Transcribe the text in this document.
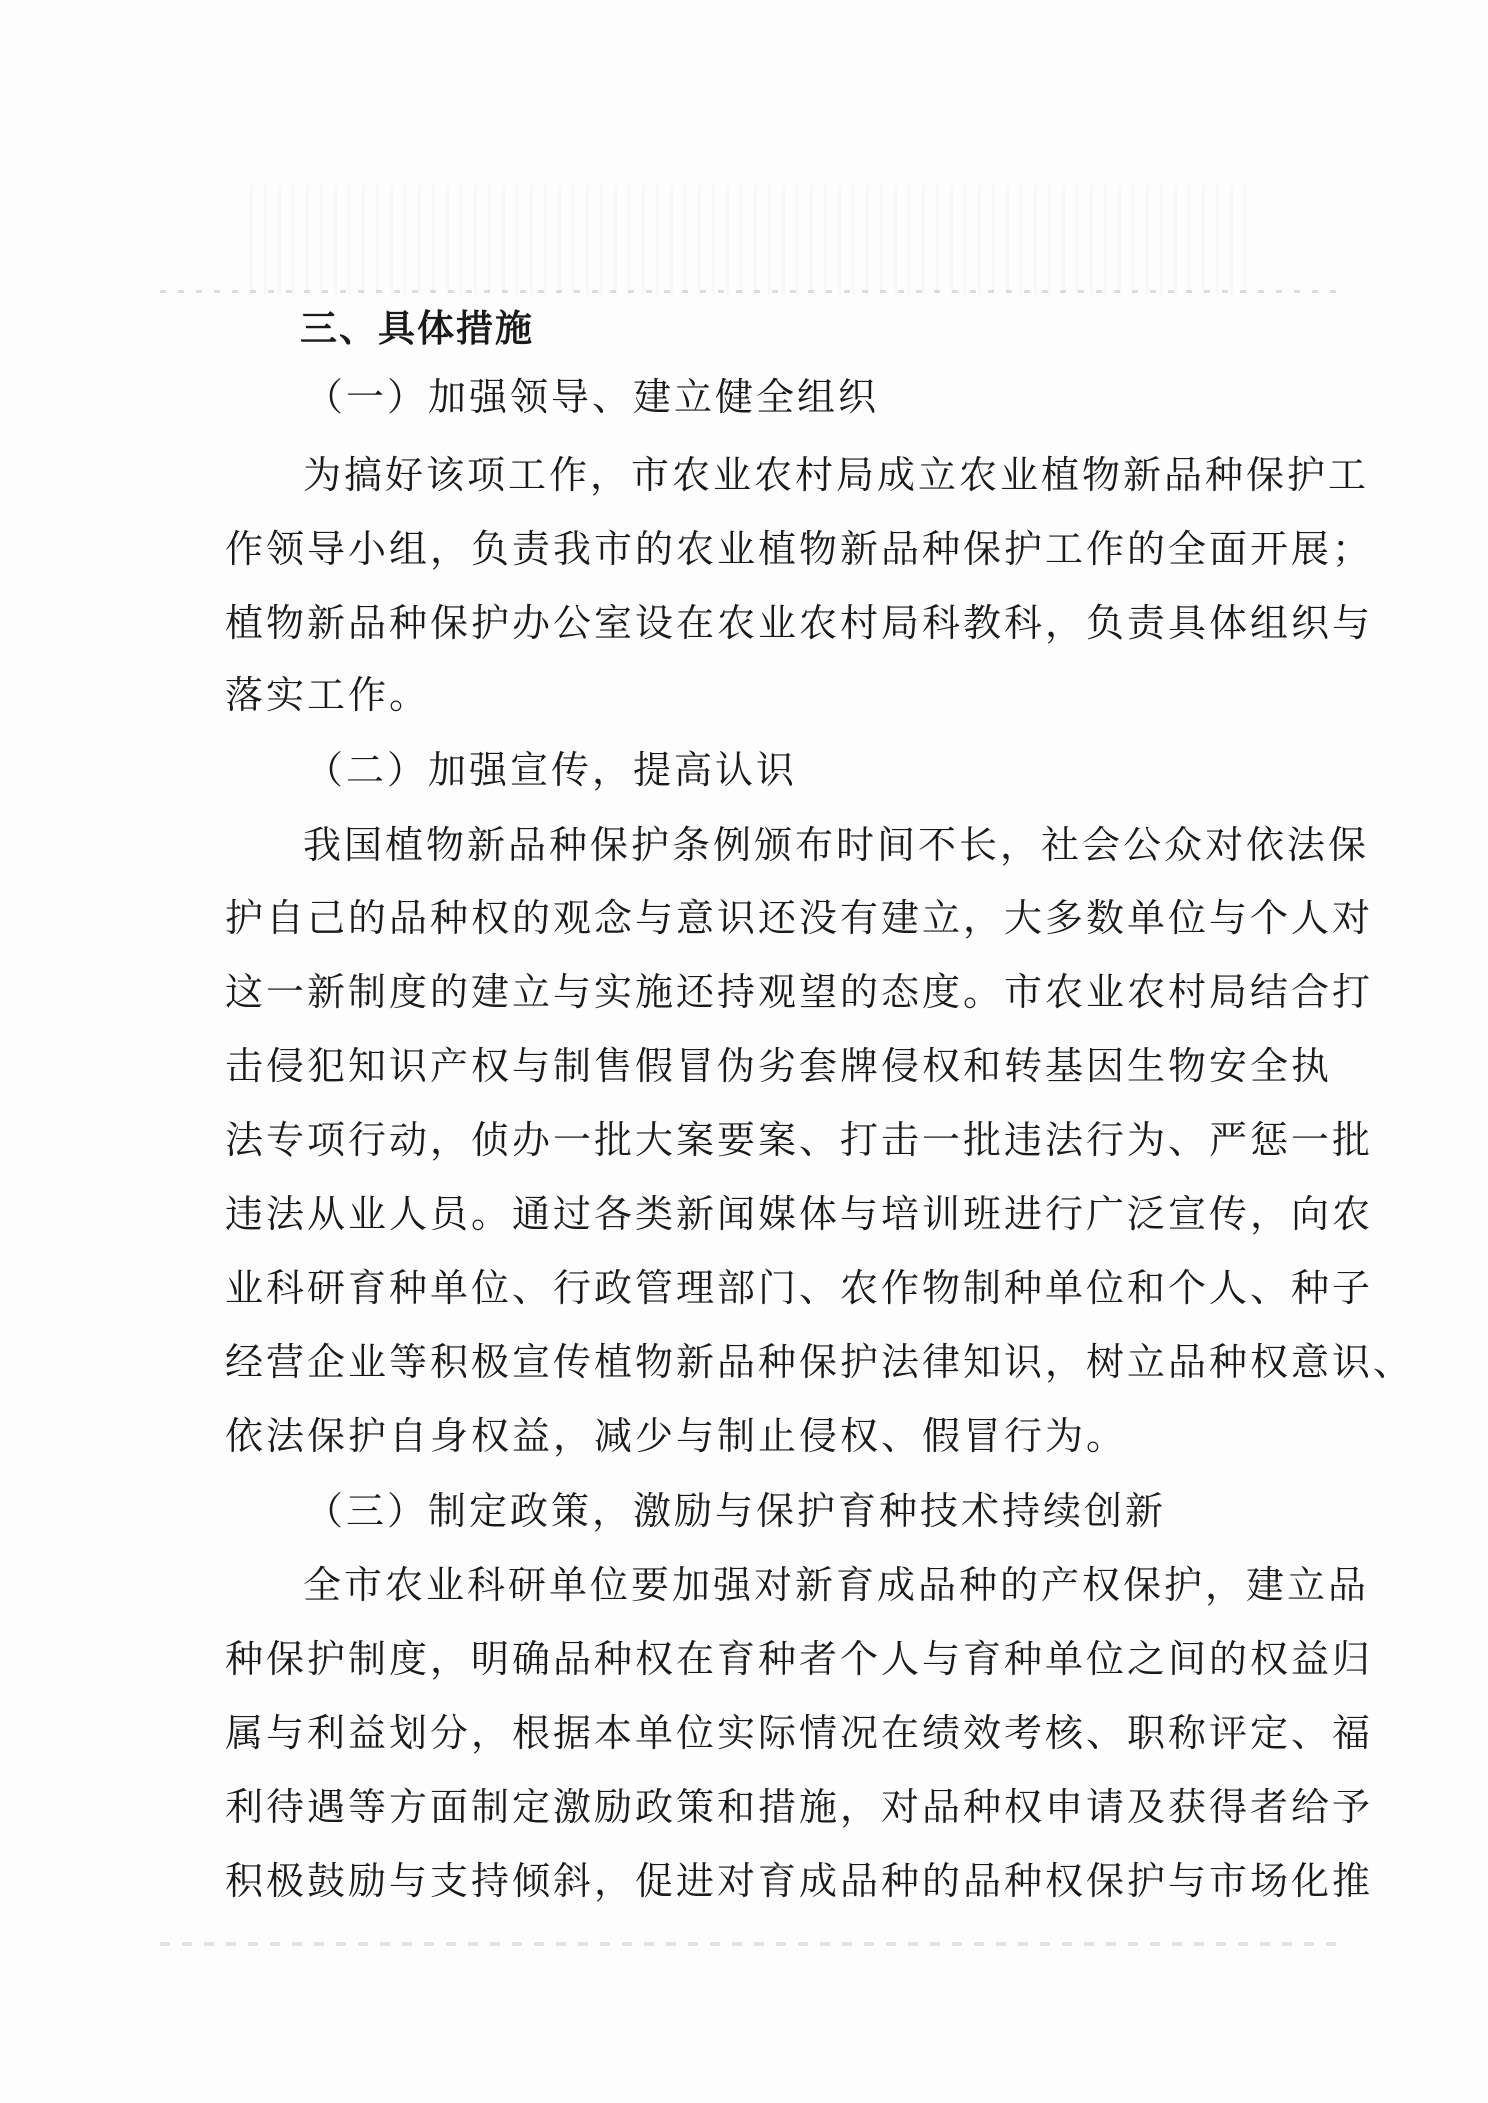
三、具体措施
（一）加强领导、建立健全组织
为搞好该项工作，市农业农村局成立农业植物新品种保护工
作领导小组，负责我市的农业植物新品种保护工作的全面开展；
植物新品种保护办公室设在农业农村局科教科，负责具体组织与
落实工作。
（二）加强宣传，提高认识
我国植物新品种保护条例颁布时间不长，社会公众对依法保
护自己的品种权的观念与意识还没有建立，大多数单位与个人对
这一新制度的建立与实施还持观望的态度。市农业农村局结合打
击侵犯知识产权与制售假冒伪劣套牌侵权和转基因生物安全执
法专项行动，侦办一批大案要案、打击一批违法行为、严惩一批
违法从业人员。通过各类新闻媒体与培训班进行广泛宣传，向农
业科研育种单位、行政管理部门、农作物制种单位和个人、种子
经营企业等积极宣传植物新品种保护法律知识，树立品种权意识、
依法保护自身权益，减少与制止侵权、假冒行为。
（三）制定政策，激励与保护育种技术持续创新
全市农业科研单位要加强对新育成品种的产权保护，建立品
种保护制度，明确品种权在育种者个人与育种单位之间的权益归
属与利益划分，根据本单位实际情况在绩效考核、职称评定、福
利待遇等方面制定激励政策和措施，对品种权申请及获得者给予
积极鼓励与支持倾斜，促进对育成品种的品种权保护与市场化推
